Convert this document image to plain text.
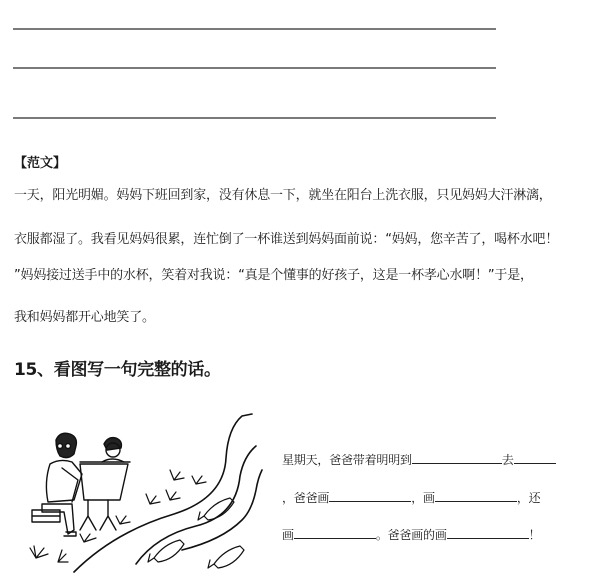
【范文】
一天，阳光明媚。妈妈下班回到家，没有休息一下，就坐在阳台上洗衣服，只见妈妈大汗淋漓，
衣服都湿了。我看见妈妈很累，连忙倒了一杯谁送到妈妈面前说：“妈妈，您辛苦了，喝杯水吧！
”妈妈接过送手中的水杯，笑着对我说：“真是个懂事的好孩子，这是一杯孝心水啊！”于是，
我和妈妈都开心地笑了。
15、看图写一句完整的话。
星期天，爸爸带着明明到	去
，爸爸画	，画	，还
画	。爸爸画的画	！
